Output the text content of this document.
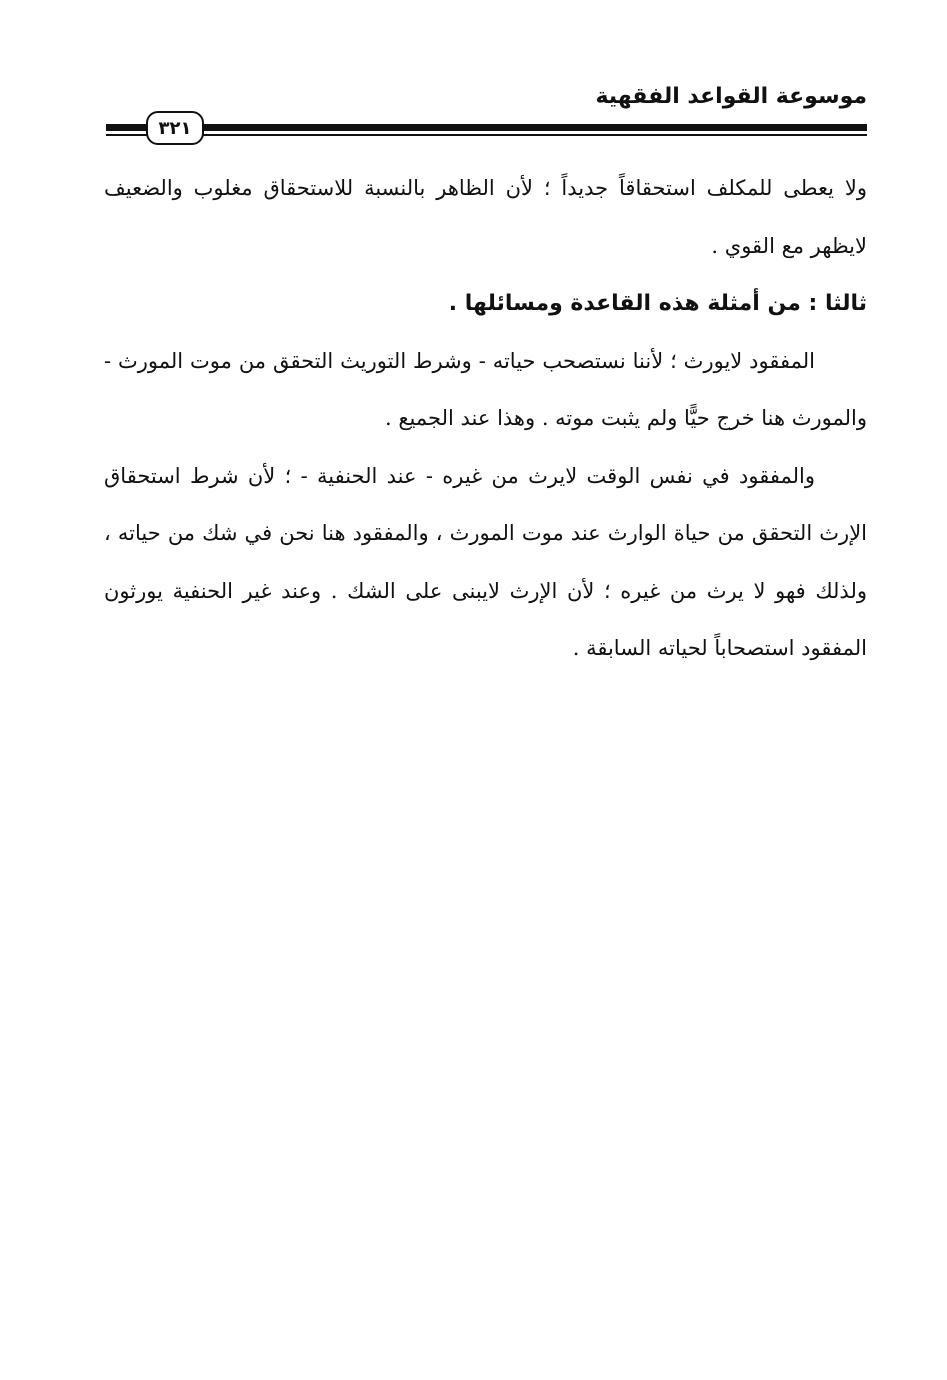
موسوعة القواعد الفقهية
٣٢١

ولا يعطى للمكلف استحقاقاً جديداً ؛ لأن الظاهر بالنسبة للاستحقاق مغلوب والضعيف لايظهر مع القوي .

ثالثا : من أمثلة هذه القاعدة ومسائلها .

المفقود لايورث ؛ لأننا نستصحب حياته - وشرط التوريث التحقق من موت المورث - والمورث هنا خرج حيًّا ولم يثبت موته . وهذا عند الجميع .

والمفقود في نفس الوقت لايرث من غيره - عند الحنفية - ؛ لأن شرط استحقاق الإرث التحقق من حياة الوارث عند موت المورث ، والمفقود هنا نحن في شك من حياته ، ولذلك فهو لا يرث من غيره ؛ لأن الإرث لايبنى على الشك . وعند غير الحنفية يورثون المفقود استصحاباً لحياته السابقة .
